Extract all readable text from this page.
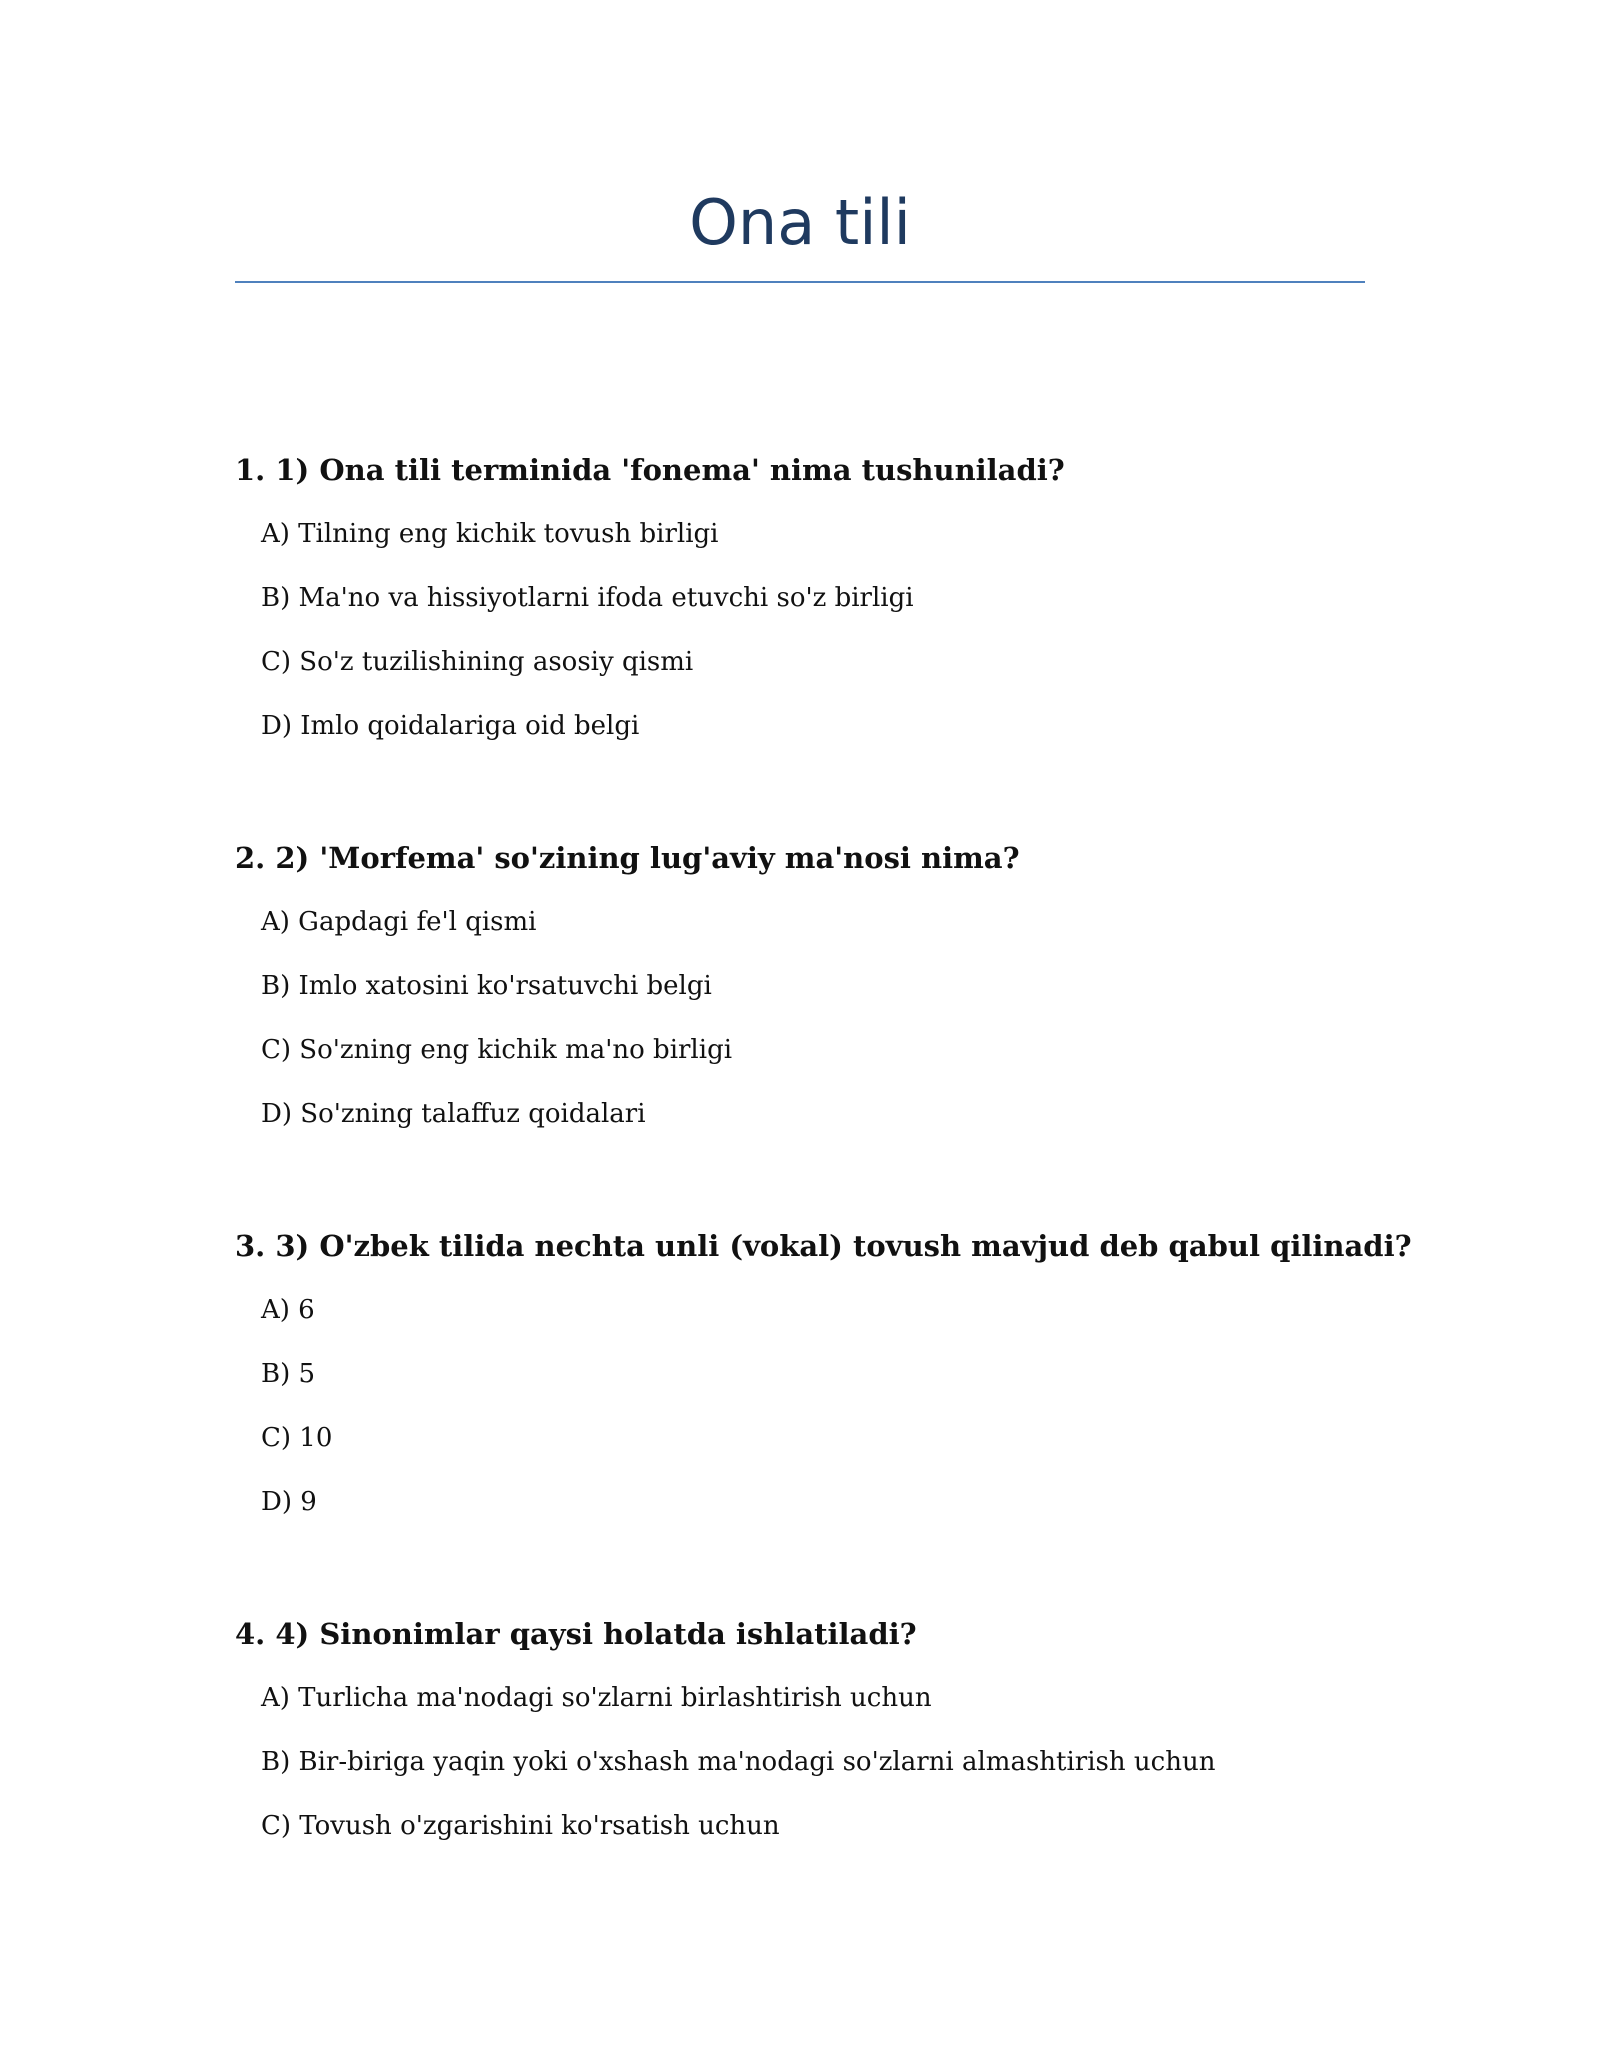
Ona tili

1. 1) Ona tili terminida 'fonema' nima tushuniladi?

A) Tilning eng kichik tovush birligi
B) Ma'no va hissiyotlarni ifoda etuvchi so'z birligi
C) So'z tuzilishining asosiy qismi
D) Imlo qoidalariga oid belgi

2. 2) 'Morfema' so'zining lug'aviy ma'nosi nima?

A) Gapdagi fe'l qismi
B) Imlo xatosini ko'rsatuvchi belgi
C) So'zning eng kichik ma'no birligi
D) So'zning talaffuz qoidalari

3. 3) O'zbek tilida nechta unli (vokal) tovush mavjud deb qabul qilinadi?

A) 6
B) 5
C) 10
D) 9

4. 4) Sinonimlar qaysi holatda ishlatiladi?

A) Turlicha ma'nodagi so'zlarni birlashtirish uchun
B) Bir-biriga yaqin yoki o'xshash ma'nodagi so'zlarni almashtirish uchun
C) Tovush o'zgarishini ko'rsatish uchun
